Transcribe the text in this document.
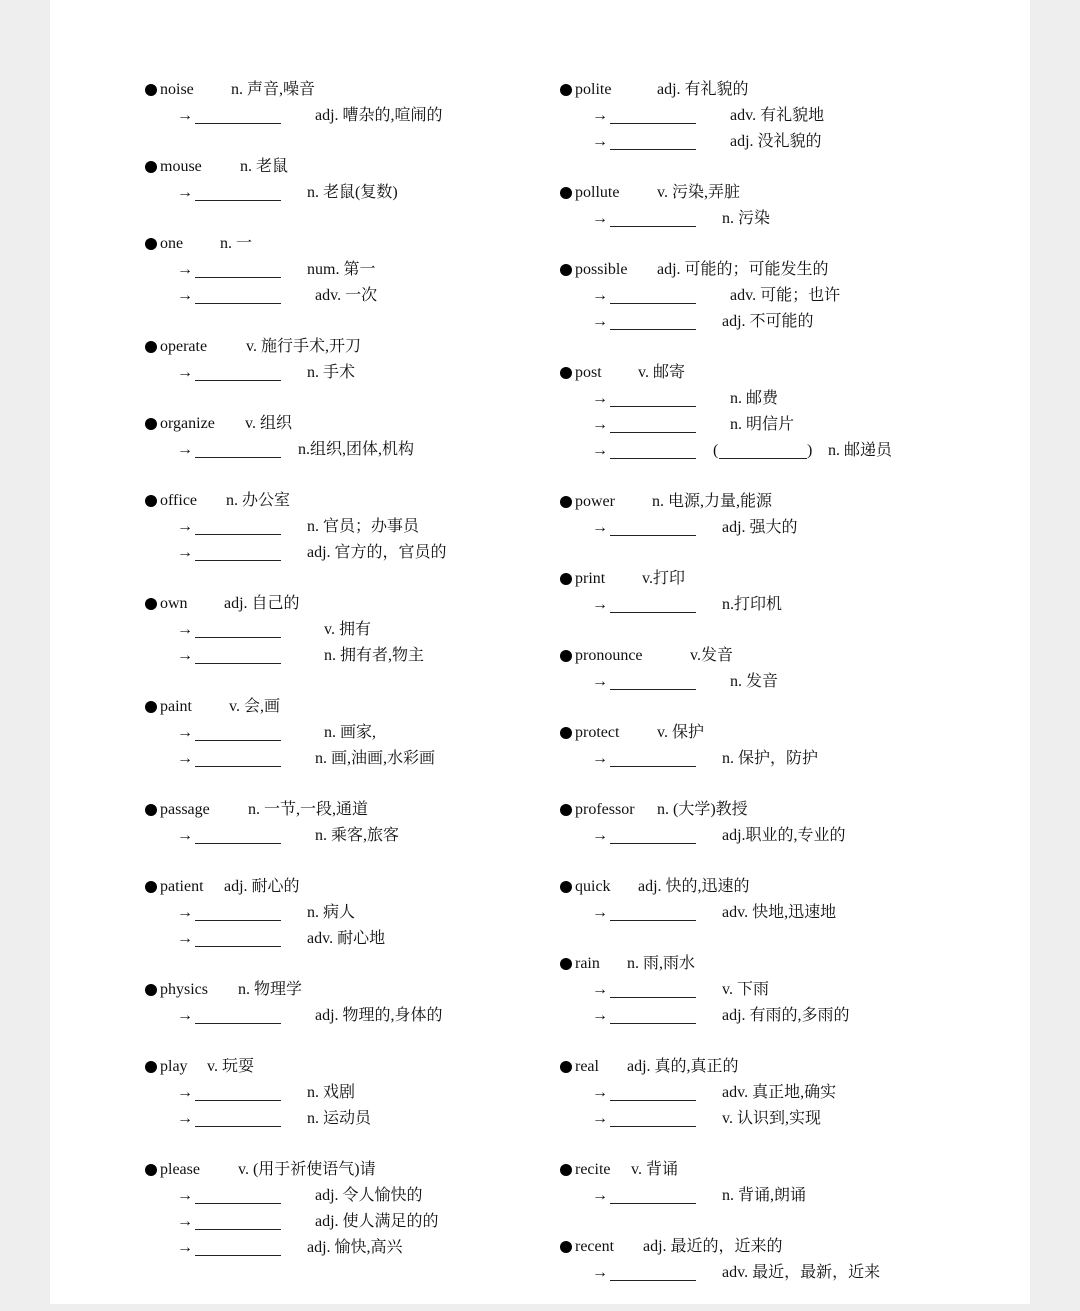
noise n. 声音,噪音
→	adj. 嘈杂的,喧闹的
mouse n. 老鼠
→	n. 老鼠(复数)
one n. 一
→	num. 第一
→	adv. 一次
operate v. 施行手术,开刀
→	n. 手术
organize v. 组织
→	n.组织,团体,机构
office n. 办公室
→	n. 官员；办事员
→	adj. 官方的，官员的
own adj. 自己的
→	v. 拥有
→	n. 拥有者,物主
paint v. 会,画
→	n. 画家,
→	n. 画,油画,水彩画
passage n. 一节,一段,通道
→	n. 乘客,旅客
patient adj. 耐心的
→	n. 病人
→	adv. 耐心地
physics n. 物理学
→	adj. 物理的,身体的
play v. 玩耍
→	n. 戏剧
→	n. 运动员
please v. (用于祈使语气)请
→	adj. 令人愉快的
→	adj. 使人满足的的
→	adj. 愉快,高兴
polite	adj. 有礼貌的
→	adv. 有礼貌地
→	adj. 没礼貌的
pollute v. 污染,弄脏
→	n. 污染
possible adj. 可能的；可能发生的
→	adv. 可能；也许
→	adj. 不可能的
post v. 邮寄
→	n. 邮费
→	n. 明信片
→	(	) n. 邮递员
power n. 电源,力量,能源
→	adj. 强大的
print v.打印
→	n.打印机
pronounce	v.发音
→	n. 发音
protect v. 保护
→	n. 保护，防护
professor n. (大学)教授
→	adj.职业的,专业的
quick adj. 快的,迅速的
→	adv. 快地,迅速地
rain n. 雨,雨水
→	v. 下雨
→	adj. 有雨的,多雨的
real adj. 真的,真正的
→	adv. 真正地,确实
→	v. 认识到,实现
recite v. 背诵
→	n. 背诵,朗诵
recent adj. 最近的，近来的
→	adv. 最近，最新，近来
